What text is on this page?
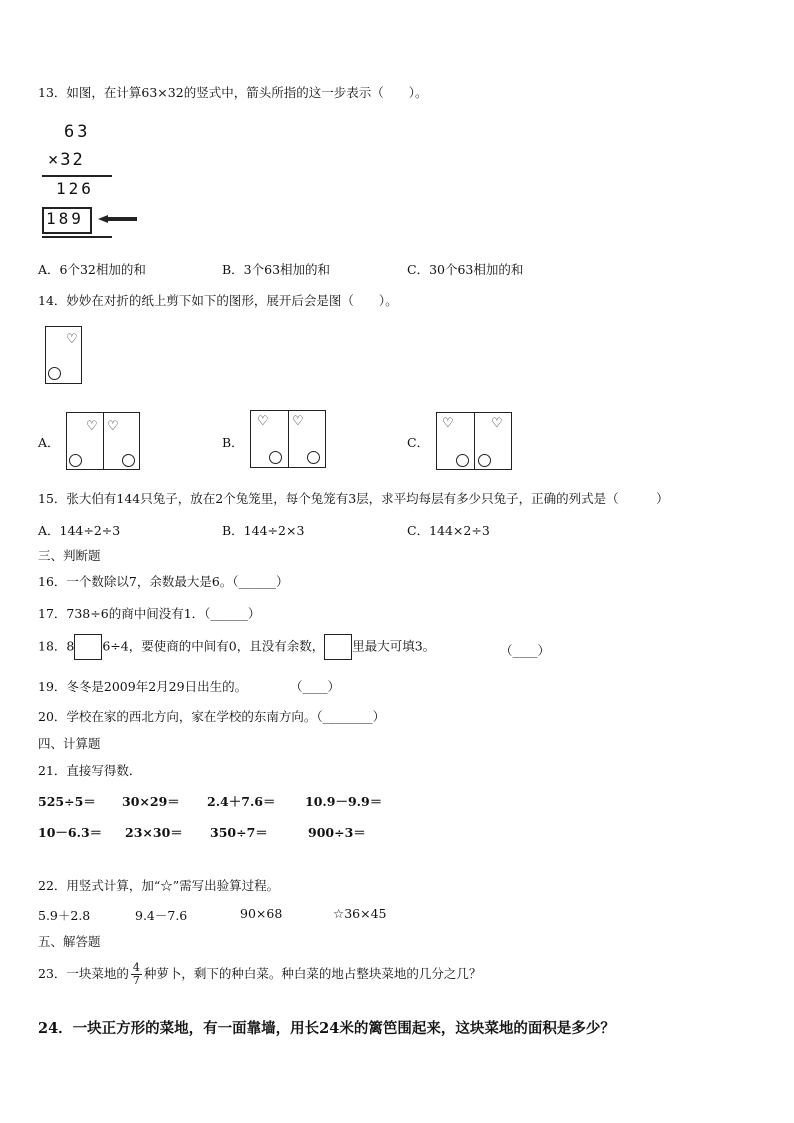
13．如图，在计算63×32的竖式中，箭头所指的这一步表示（　　）。
63
×32
126
189
A．6个32相加的和	B．3个63相加的和	C．30个63相加的和
14．妙妙在对折的纸上剪下如下的图形，展开后会是图（　　）。
♡
A．
♡ ♡
B．
♡ ♡
C．
♡	♡
15．张大伯有144只兔子，放在2个兔笼里，每个兔笼有3层，求平均每层有多少只兔子，正确的列式是（　　　）
A．144÷2÷3	B．144÷2×3	C．144×2÷3
三、判断题
16．一个数除以7，余数最大是6。（______）
17．738÷6的商中间没有1．（______）
18．8 6÷4，要使商的中间有0，且没有余数， 里最大可填3。	（____）
19．冬冬是2009年2月29日出生的。	（____）
20．学校在家的西北方向，家在学校的东南方向。（________）
四、计算题
21．直接写得数．
525÷5＝ 30×29＝ 2.4＋7.6＝ 10.9－9.9＝
10－6.3＝ 23×30＝ 350÷7＝	900÷3＝
22．用竖式计算，加“☆”需写出验算过程。
5.9＋2.8	9.4－7.6	90×68	☆36×45
五、解答题
23．一块菜地的 $\frac{4}{7}$ 种萝卜，剩下的种白菜。种白菜的地占整块菜地的几分之几？
24．一块正方形的菜地，有一面靠墙，用长24米的篱笆围起来，这块菜地的面积是多少？
